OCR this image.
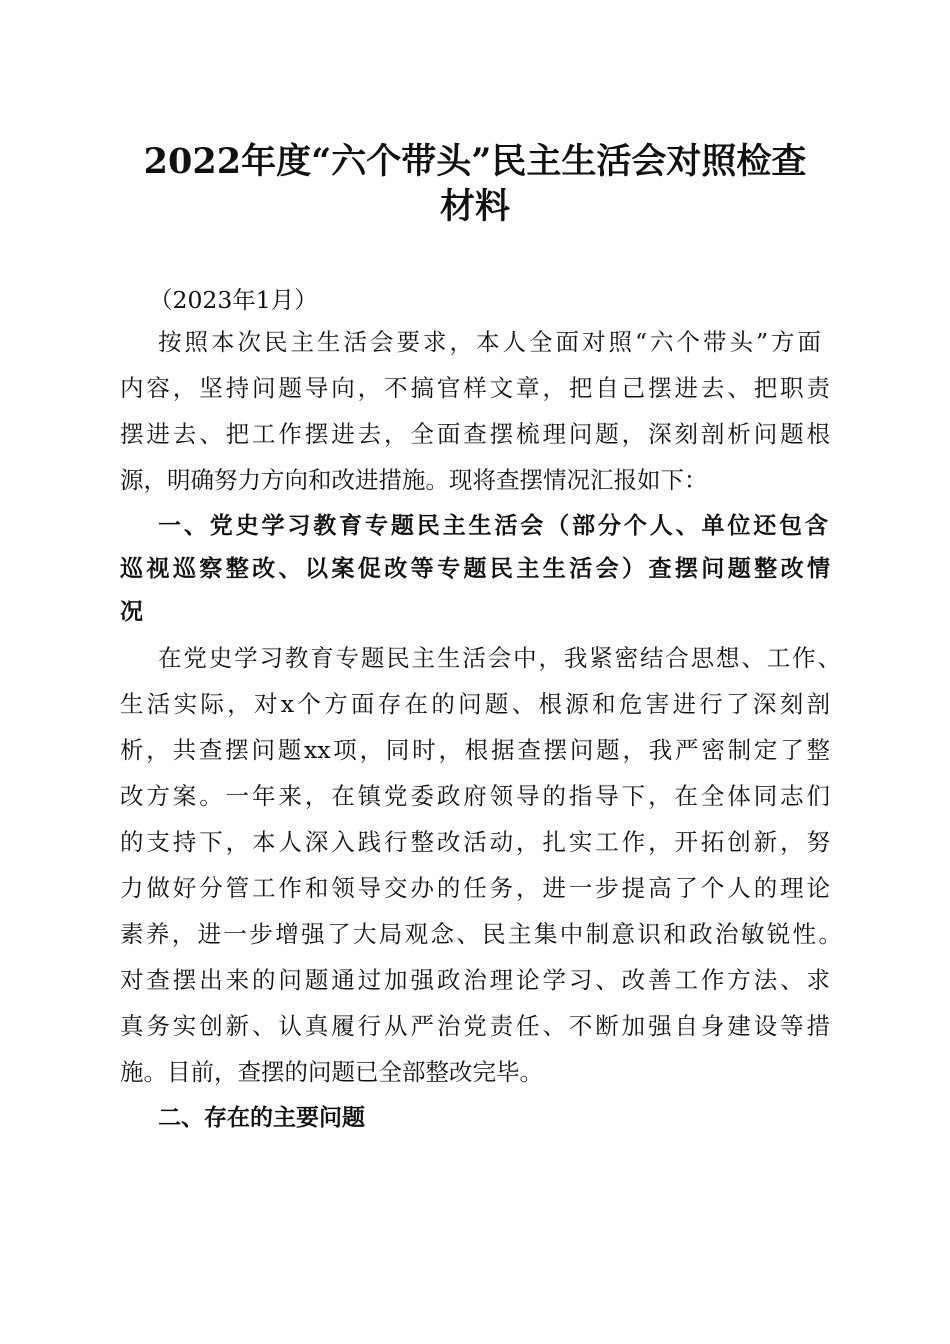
2022年度“六个带头”民主生活会对照检查
材料
（2023年1月）
按照本次民主生活会要求，本人全面对照“六个带头”方面
内容，坚持问题导向，不搞官样文章，把自己摆进去、把职责
摆进去、把工作摆进去，全面查摆梳理问题，深刻剖析问题根
源，明确努力方向和改进措施。现将查摆情况汇报如下：
一、党史学习教育专题民主生活会（部分个人、单位还包含
巡视巡察整改、以案促改等专题民主生活会）查摆问题整改情
况
在党史学习教育专题民主生活会中，我紧密结合思想、工作、
生活实际，对x个方面存在的问题、根源和危害进行了深刻剖
析，共查摆问题xx项，同时，根据查摆问题，我严密制定了整
改方案。一年来，在镇党委政府领导的指导下，在全体同志们
的支持下，本人深入践行整改活动，扎实工作，开拓创新，努
力做好分管工作和领导交办的任务，进一步提高了个人的理论
素养，进一步增强了大局观念、民主集中制意识和政治敏锐性。
对查摆出来的问题通过加强政治理论学习、改善工作方法、求
真务实创新、认真履行从严治党责任、不断加强自身建设等措
施。目前，查摆的问题已全部整改完毕。
二、存在的主要问题
